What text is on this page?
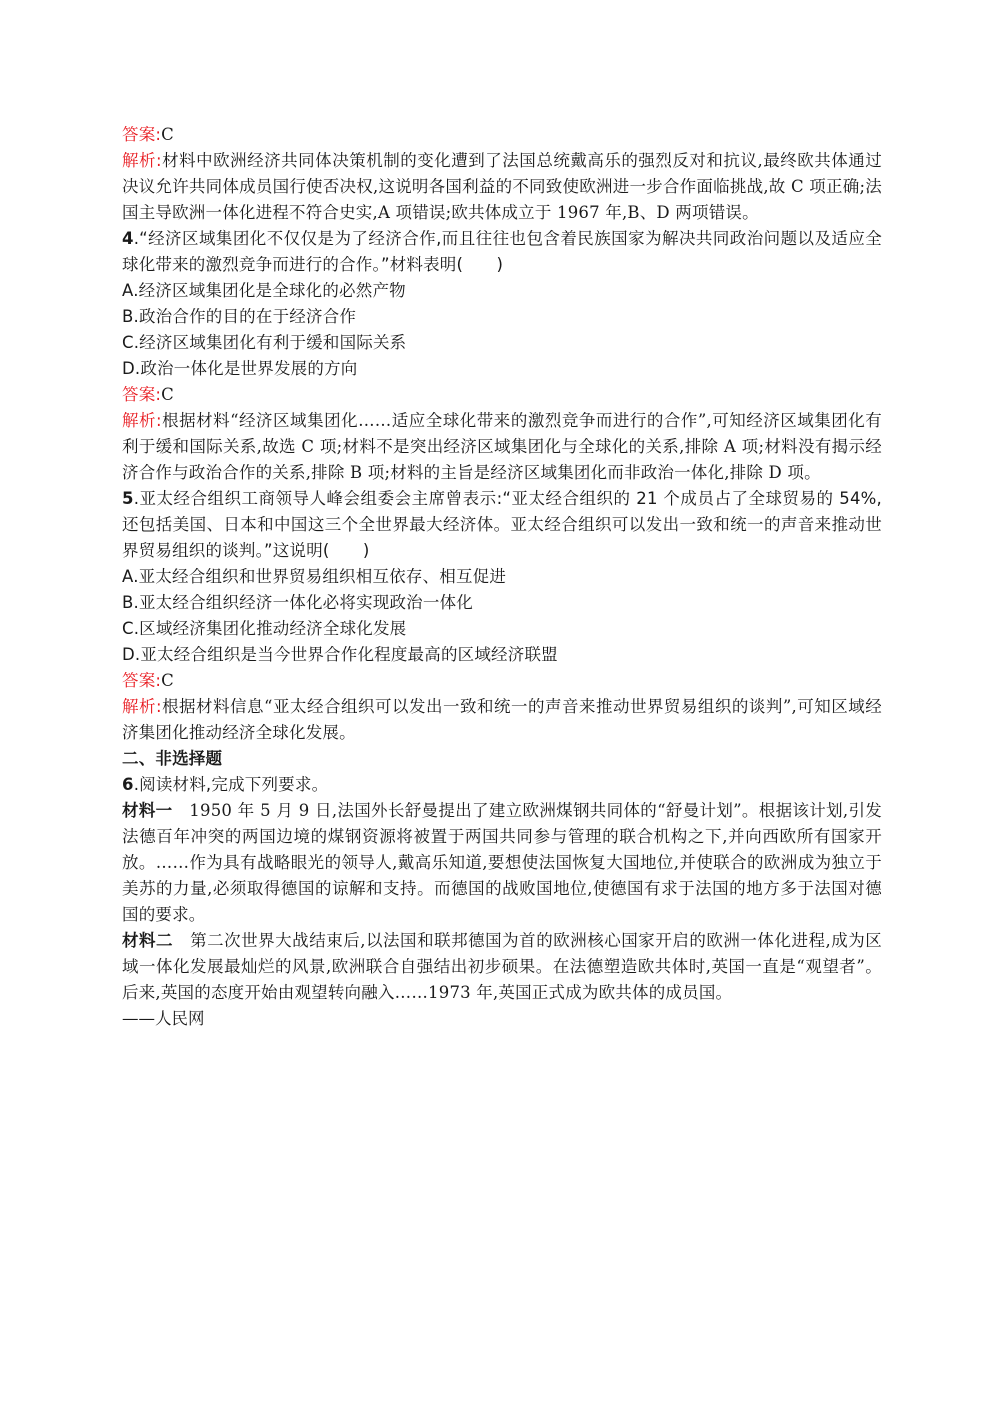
答案:C
解析:材料中欧洲经济共同体决策机制的变化遭到了法国总统戴高乐的强烈反对和抗议,最终欧共体通过决议允许共同体成员国行使否决权,这说明各国利益的不同致使欧洲进一步合作面临挑战,故 C 项正确;法国主导欧洲一体化进程不符合史实,A 项错误;欧共体成立于 1967 年,B、D 两项错误。
4.“经济区域集团化不仅仅是为了经济合作,而且往往也包含着民族国家为解决共同政治问题以及适应全球化带来的激烈竞争而进行的合作。”材料表明(　　)
A.经济区域集团化是全球化的必然产物
B.政治合作的目的在于经济合作
C.经济区域集团化有利于缓和国际关系
D.政治一体化是世界发展的方向
答案:C
解析:根据材料“经济区域集团化……适应全球化带来的激烈竞争而进行的合作”,可知经济区域集团化有利于缓和国际关系,故选 C 项;材料不是突出经济区域集团化与全球化的关系,排除 A 项;材料没有揭示经济合作与政治合作的关系,排除 B 项;材料的主旨是经济区域集团化而非政治一体化,排除 D 项。
5.亚太经合组织工商领导人峰会组委会主席曾表示:“亚太经合组织的 21 个成员占了全球贸易的 54%,还包括美国、日本和中国这三个全世界最大经济体。亚太经合组织可以发出一致和统一的声音来推动世界贸易组织的谈判。”这说明(　　)
A.亚太经合组织和世界贸易组织相互依存、相互促进
B.亚太经合组织经济一体化必将实现政治一体化
C.区域经济集团化推动经济全球化发展
D.亚太经合组织是当今世界合作化程度最高的区域经济联盟
答案:C
解析:根据材料信息“亚太经合组织可以发出一致和统一的声音来推动世界贸易组织的谈判”,可知区域经济集团化推动经济全球化发展。
二、非选择题
6.阅读材料,完成下列要求。
材料一　1950 年 5 月 9 日,法国外长舒曼提出了建立欧洲煤钢共同体的“舒曼计划”。根据该计划,引发法德百年冲突的两国边境的煤钢资源将被置于两国共同参与管理的联合机构之下,并向西欧所有国家开放。……作为具有战略眼光的领导人,戴高乐知道,要想使法国恢复大国地位,并使联合的欧洲成为独立于美苏的力量,必须取得德国的谅解和支持。而德国的战败国地位,使德国有求于法国的地方多于法国对德国的要求。
材料二　第二次世界大战结束后,以法国和联邦德国为首的欧洲核心国家开启的欧洲一体化进程,成为区域一体化发展最灿烂的风景,欧洲联合自强结出初步硕果。在法德塑造欧共体时,英国一直是“观望者”。后来,英国的态度开始由观望转向融入……1973 年,英国正式成为欧共体的成员国。
——人民网
